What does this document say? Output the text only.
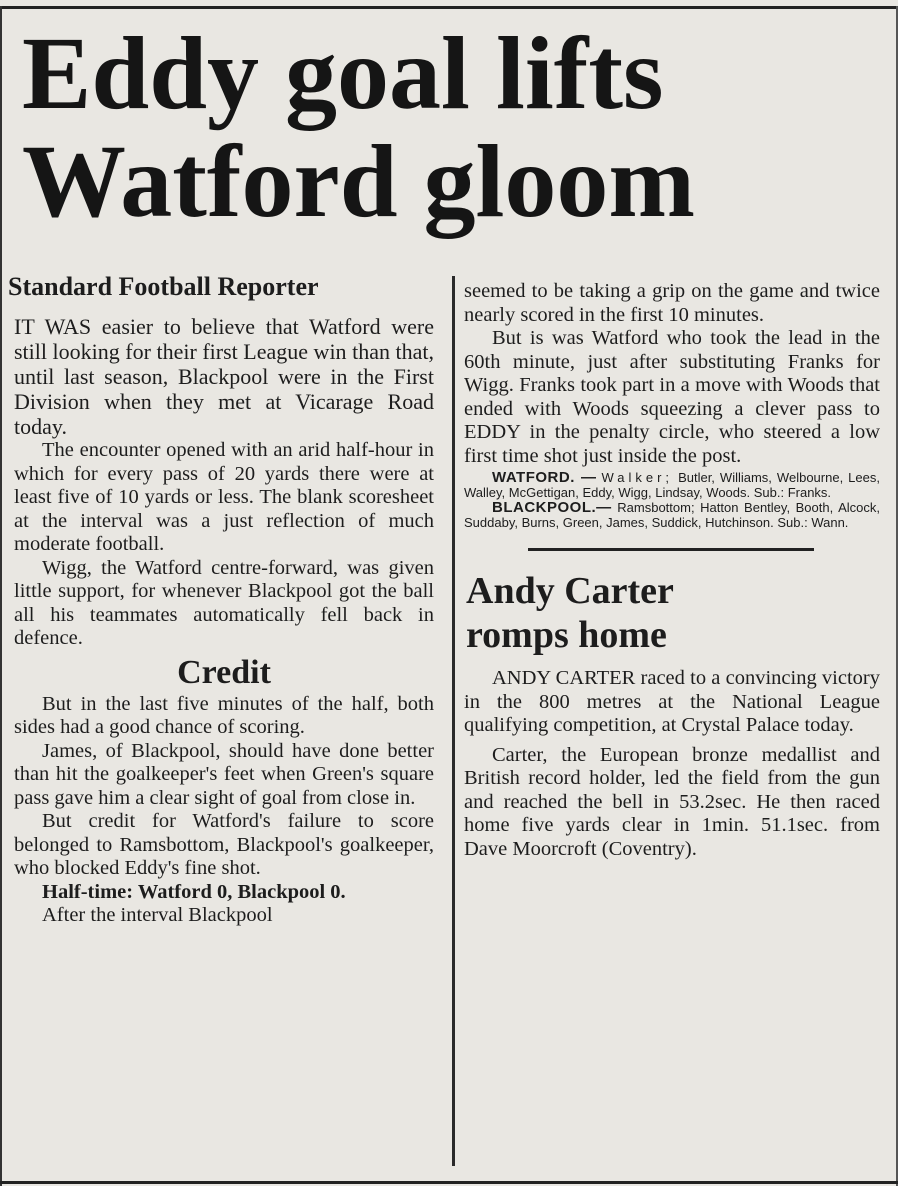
Eddy goal lifts
Watford gloom
Standard Football Reporter

IT WAS easier to believe that Watford were still looking for their first League win than that, until last season, Blackpool were in the First Division when they met at Vicarage Road today.

The encounter opened with an arid half-hour in which for every pass of 20 yards there were at least five of 10 yards or less. The blank scoresheet at the interval was a just reflection of much moderate football.

Wigg, the Watford centre-forward, was given little support, for whenever Blackpool got the ball all his teammates automatically fell back in defence.

Credit

But in the last five minutes of the half, both sides had a good chance of scoring.

James, of Blackpool, should have done better than hit the goalkeeper's feet when Green's square pass gave him a clear sight of goal from close in.

But credit for Watford's failure to score belonged to Ramsbottom, Blackpool's goalkeeper, who blocked Eddy's fine shot.

Half-time: Watford 0, Blackpool 0.

After the interval Blackpool

seemed to be taking a grip on the game and twice nearly scored in the first 10 minutes.

But is was Watford who took the lead in the 60th minute, just after substituting Franks for Wigg. Franks took part in a move with Woods that ended with Woods squeezing a clever pass to EDDY in the penalty circle, who steered a low first time shot just inside the post.

WATFORD. — Walker; Butler, Williams, Welbourne, Lees, Walley, McGettigan, Eddy, Wigg, Lindsay, Woods. Sub.: Franks.

BLACKPOOL.— Ramsbottom; Hatton Bentley, Booth, Alcock, Suddaby, Burns, Green, James, Suddick, Hutchinson. Sub.: Wann.

Andy Carter
romps home

ANDY CARTER raced to a convincing victory in the 800 metres at the National League qualifying competition, at Crystal Palace today.

Carter, the European bronze medallist and British record holder, led the field from the gun and reached the bell in 53.2sec. He then raced home five yards clear in 1min. 51.1sec. from Dave Moorcroft (Coventry).
